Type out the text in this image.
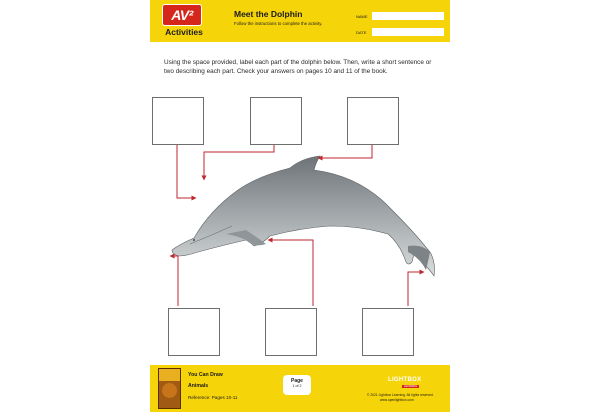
AV²
Activities
Meet the Dolphin
Follow the instructions to complete the activity.
NAME
DATE
Using the space provided, label each part of the dolphin below. Then, write a short sentence or two describing each part. Check your answers on pages 10 and 11 of the book.
You Can Draw
Animals
Reference: Pages 10-11
Page
1 of 2
LIGHTBOX
LEARNING
© 2021 Lightbox Learning. All rights reserved.
www.openlightbox.com
